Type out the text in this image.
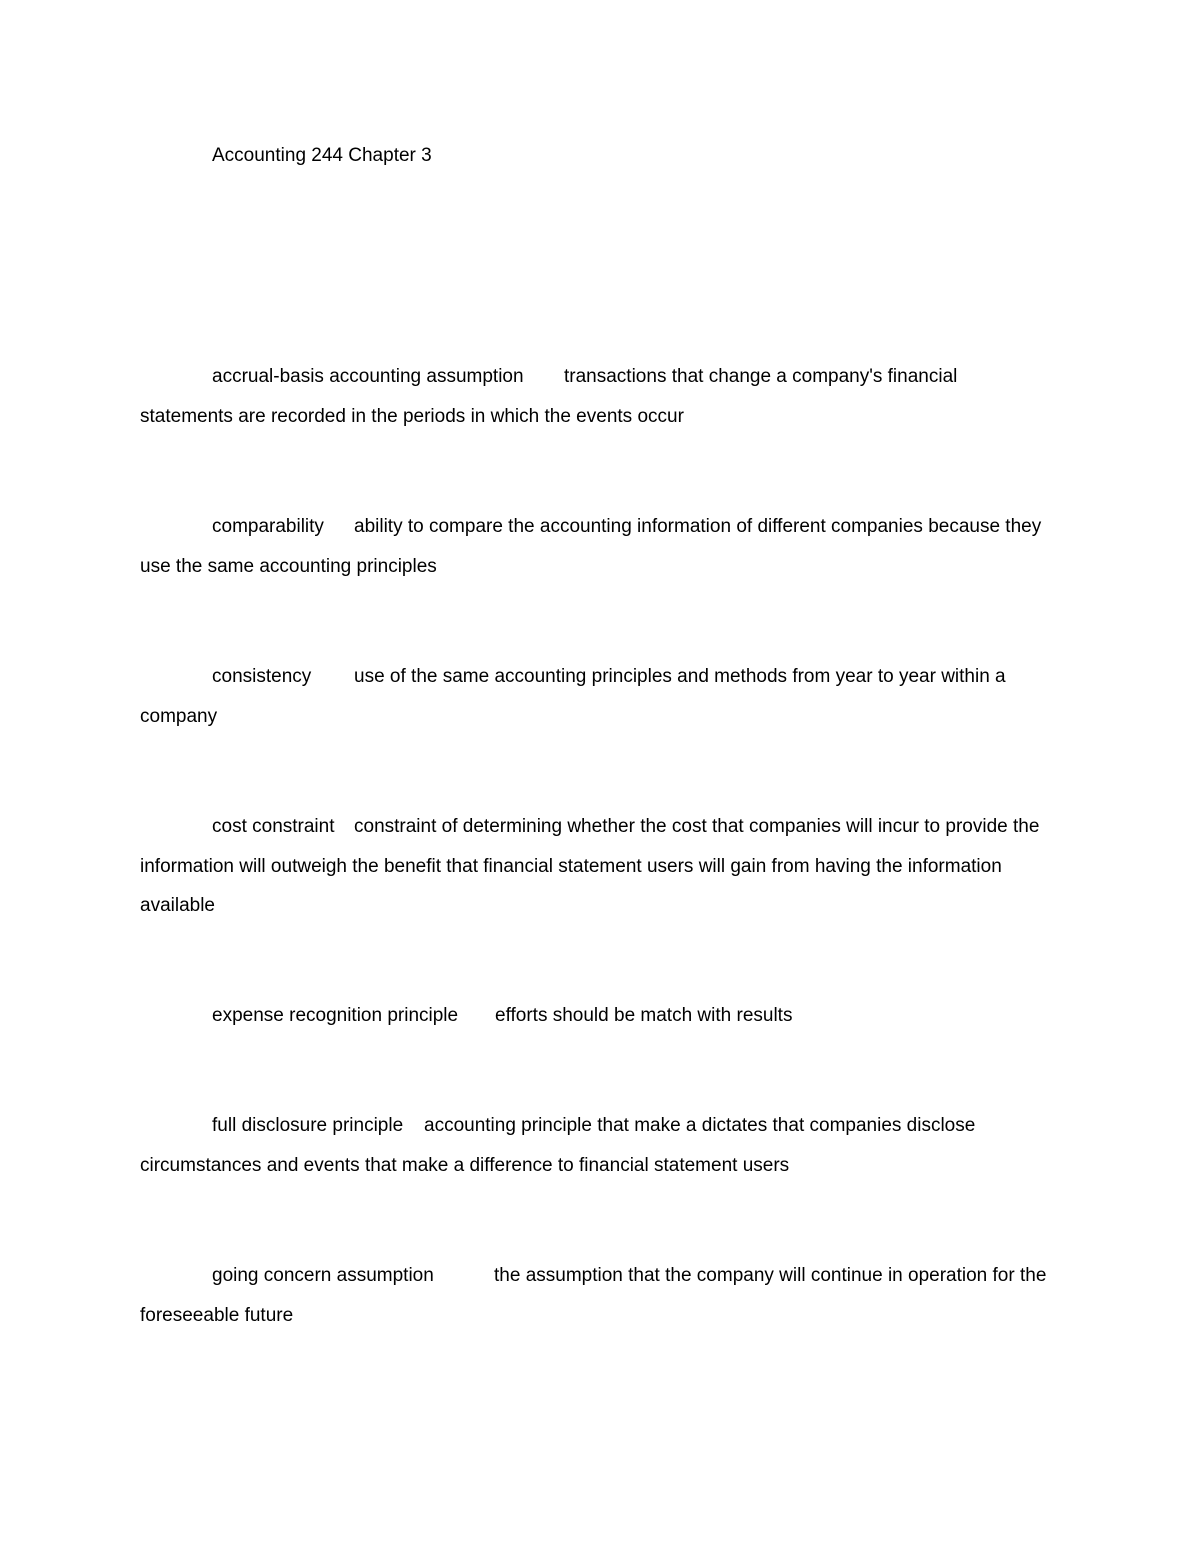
Accounting 244 Chapter 3
accrual-basis accounting assumption transactions that change a company's financial statements are recorded in the periods in which the events occur
comparability ability to compare the accounting information of different companies because they use the same accounting principles
consistency use of the same accounting principles and methods from year to year within a company
cost constraint constraint of determining whether the cost that companies will incur to provide the information will outweigh the benefit that financial statement users will gain from having the information available
expense recognition principle efforts should be match with results
full disclosure principle accounting principle that make a dictates that companies disclose circumstances and events that make a difference to financial statement users
going concern assumption	the assumption that the company will continue in operation for the foreseeable future
